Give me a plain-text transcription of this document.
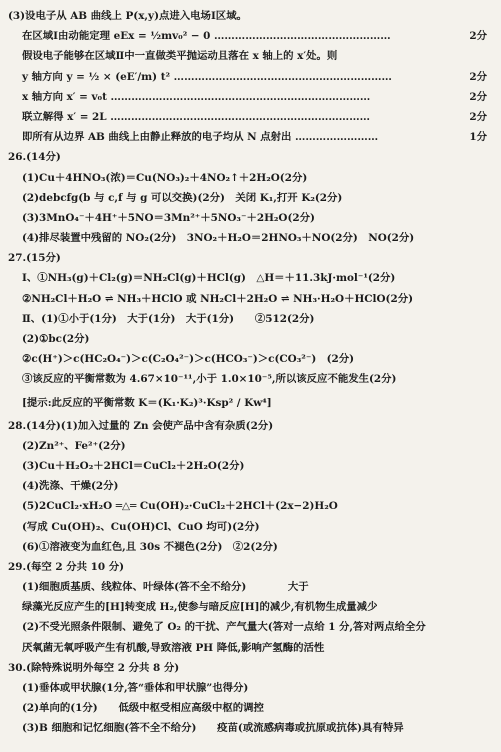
(3)设电子从 AB 曲线上 P(x,y)点进入电场Ⅰ区域。
在区域Ⅰ由动能定理 eEx = ½mv₀² − 0 ……………………………………………	2分
假设电子能够在区域Ⅱ中一直做类平抛运动且落在 x 轴上的 x′处。则
y 轴方向 y = ½ × (eE′/m) t² ………………………………………………………	2分
x 轴方向 x′ = v₀t …………………………………………………………………	2分
联立解得 x′ = 2L …………………………………………………………………	2分
即所有从边界 AB 曲线上由静止释放的电子均从 N 点射出 ……………………	1分
26.(14分)
(1)Cu＋4HNO₃(浓)＝Cu(NO₃)₂＋4NO₂↑＋2H₂O(2分)
(2)debcfg(b 与 c,f 与 g 可以交换)(2分)　关闭 K₁,打开 K₂(2分)
(3)3MnO₄⁻＋4H⁺＋5NO＝3Mn²⁺＋5NO₃⁻＋2H₂O(2分)
(4)排尽装置中残留的 NO₂(2分)　3NO₂＋H₂O＝2HNO₃＋NO(2分)　NO(2分)
27.(15分)
Ⅰ、①NH₃(g)＋Cl₂(g)＝NH₂Cl(g)＋HCl(g)　△H＝＋11.3kJ·mol⁻¹(2分)
②NH₂Cl＋H₂O ⇌ NH₃＋HClO 或 NH₂Cl＋2H₂O ⇌ NH₃·H₂O＋HClO(2分)
Ⅱ、(1)①小于(1分)　大于(1分)　大于(1分)　　②512(2分)
(2)①bc(2分)
②c(H⁺)＞c(HC₂O₄⁻)＞c(C₂O₄²⁻)＞c(HCO₃⁻)＞c(CO₃²⁻)　(2分)
③该反应的平衡常数为 4.67×10⁻¹¹,小于 1.0×10⁻⁵,所以该反应不能发生(2分)
[提示:此反应的平衡常数 K＝(K₁·K₂)³·Ksp² / Kw⁴]
28.(14分)(1)加入过量的 Zn 会使产品中含有杂质(2分)
(2)Zn²⁺、Fe²⁺(2分)
(3)Cu＋H₂O₂＋2HCl＝CuCl₂＋2H₂O(2分)
(4)洗涤、干燥(2分)
(5)2CuCl₂·xH₂O ═△═ Cu(OH)₂·CuCl₂＋2HCl＋(2x−2)H₂O
(写成 Cu(OH)₂、Cu(OH)Cl、CuO 均可)(2分)
(6)①溶液变为血红色,且 30s 不褪色(2分)　②2(2分)
29.(每空 2 分共 10 分)
(1)细胞质基质、线粒体、叶绿体(答不全不给分)　　　　大于
绿藻光反应产生的[H]转变成 H₂,使参与暗反应[H]的减少,有机物生成量减少
(2)不受光照条件限制、避免了 O₂ 的干扰、产气量大(答对一点给 1 分,答对两点给全分
厌氧菌无氧呼吸产生有机酸,导致溶液 PH 降低,影响产氢酶的活性
30.(除特殊说明外每空 2 分共 8 分)
(1)垂体或甲状腺(1分,答“垂体和甲状腺”也得分)
(2)单向的(1分)　　低级中枢受相应高级中枢的调控
(3)B 细胞和记忆细胞(答不全不给分)　　疫苗(或流感病毒或抗原或抗体)具有特异
